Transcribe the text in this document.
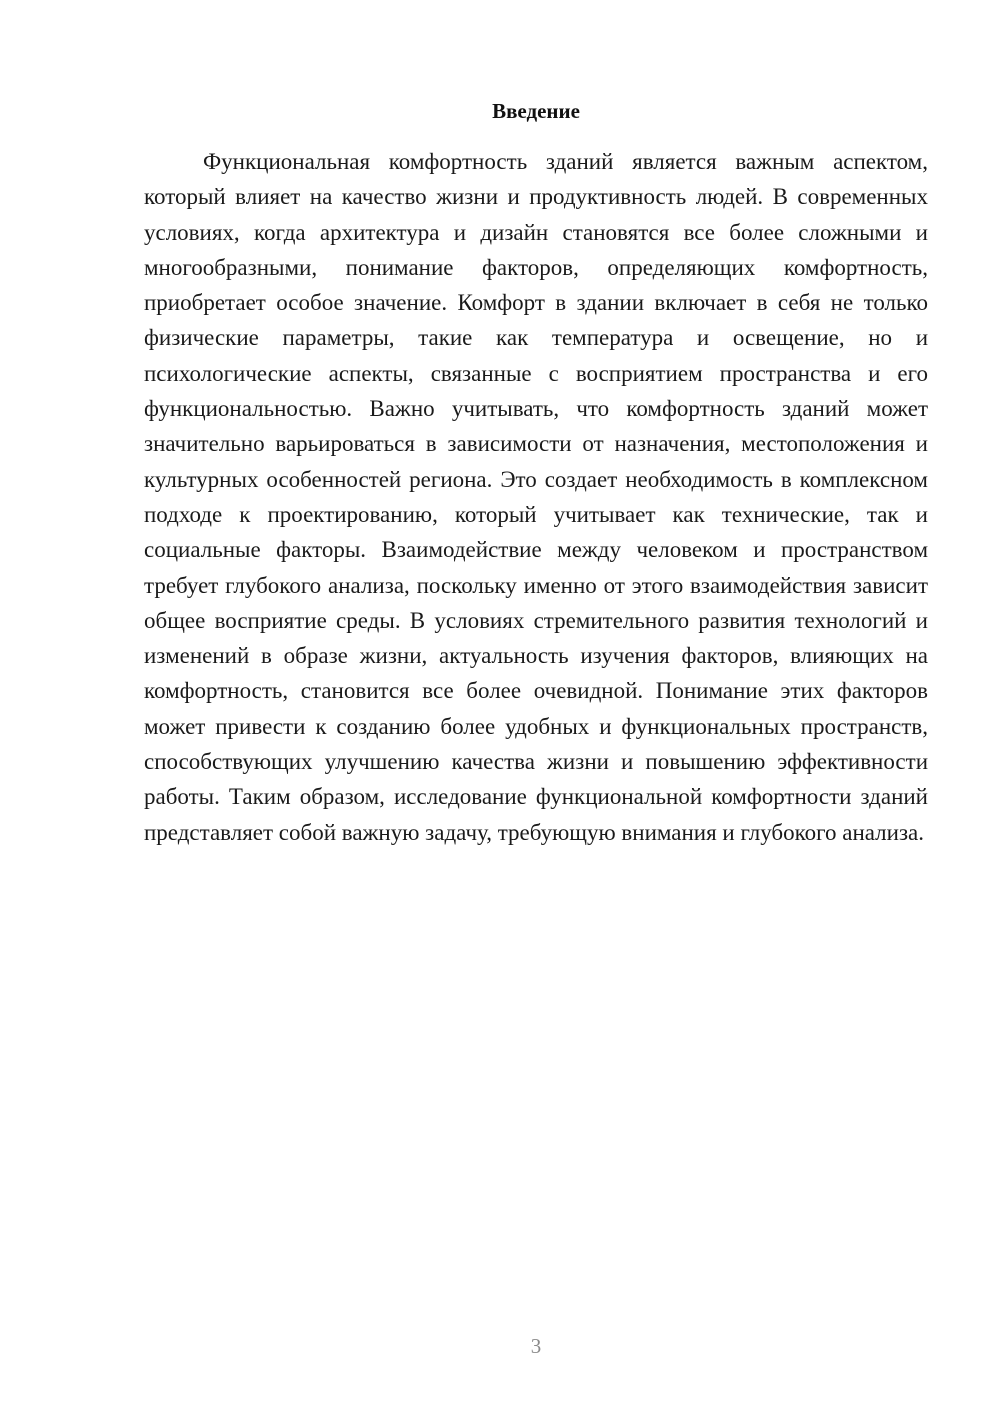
Введение

Функциональная комфортность зданий является важным аспектом, который влияет на качество жизни и продуктивность людей. В современных условиях, когда архитектура и дизайн становятся все более сложными и многообразными, понимание факторов, определяющих комфортность, приобретает особое значение. Комфорт в здании включает в себя не только физические параметры, такие как температура и освещение, но и психологические аспекты, связанные с восприятием пространства и его функциональностью. Важно учитывать, что комфортность зданий может значительно варьироваться в зависимости от назначения, местоположения и культурных особенностей региона. Это создает необходимость в комплексном подходе к проектированию, который учитывает как технические, так и социальные факторы. Взаимодействие между человеком и пространством требует глубокого анализа, поскольку именно от этого взаимодействия зависит общее восприятие среды. В условиях стремительного развития технологий и изменений в образе жизни, актуальность изучения факторов, влияющих на комфортность, становится все более очевидной. Понимание этих факторов может привести к созданию более удобных и функциональных пространств, способствующих улучшению качества жизни и повышению эффективности работы. Таким образом, исследование функциональной комфортности зданий представляет собой важную задачу, требующую внимания и глубокого анализа.

3
